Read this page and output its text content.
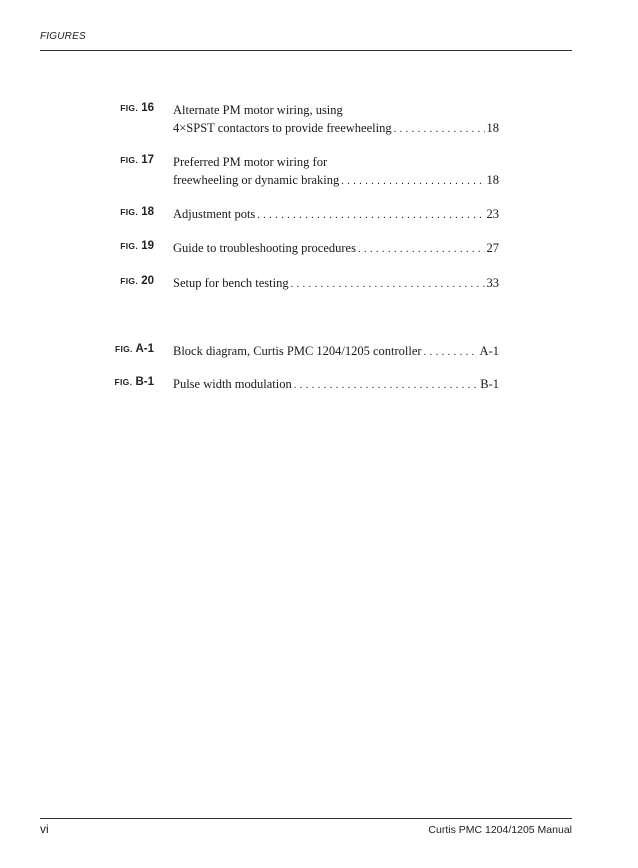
FIGURES
FIG. 16 Alternate PM motor wiring, using
4×SPST contactors to provide freewheeling . . .	18
FIG. 17 Preferred PM motor wiring for
freewheeling or dynamic braking . . .	18
FIG. 18 Adjustment pots . . .	23
FIG. 19 Guide to troubleshooting procedures . . .	27
FIG. 20 Setup for bench testing . . .	33
FIG. A-1 Block diagram, Curtis PMC 1204/1205 controller . . .	A-1
FIG. B-1 Pulse width modulation . . .	B-1
vi	Curtis PMC 1204/1205 Manual
